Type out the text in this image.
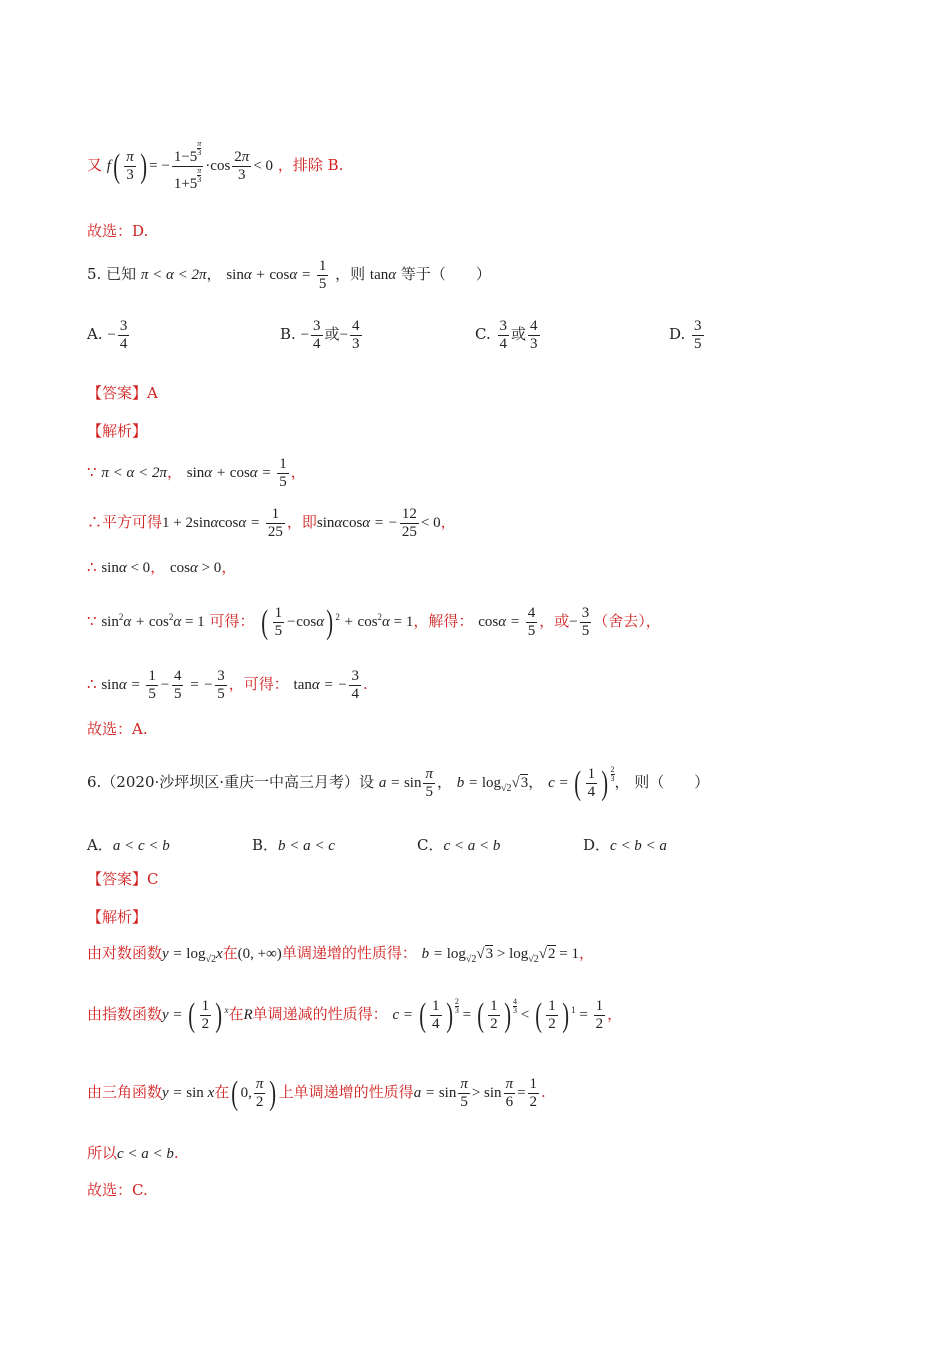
又 $f( \frac{\pi}{3}$ ) = − $\frac{1-5 \frac{\pi}{3}}{1+5 \frac{\pi}{3}} \cdot\cos \frac{2\pi}{3} < 0$ ，排除 B.
故选：D.
5. 已知 π < α < 2π， $\sin\alpha + \cos\alpha = \frac{1}{5}$ ，则 tanα 等于（　　）
A. − $\frac{3}{4}$	B. − $\frac{3}{4}$ 或− $\frac{4}{3}$	C. $\frac{3}{4}$ 或 $\frac{4}{3}$	D. $\frac{3}{5}$
【答案】A
【解析】
∵ π < α < 2π， $\sin\alpha + \cos\alpha = \frac{1}{5}$ ，
∴平方可得$1 + 2\sin\alpha\cos\alpha = \frac{1}{25}$ ，即sinαcosα = − $\frac{12}{25} < 0$，
∴ sinα < 0， cosα > 0，
∵ $\sin^2\alpha + \cos^2\alpha = 1$ 可得： ( $\frac{1}{5} -\cos\alpha$) $^2 + \cos^2\alpha = 1$，解得： $\cos\alpha = \frac{4}{5}$ ，或− $\frac{3}{5}$ （舍去），
∴ $\sin\alpha = \frac{1}{5} - \frac{4}{5}$ = − $\frac{3}{5}$ ，可得： tanα = − $\frac{3}{4}$ .
故选：A.
6.（2020·沙坪坝区·重庆一中高三月考）设 $a = \sin \frac{\pi}{5}$ ， $b = \log_{√2}√3$， c = ( $\frac{1}{4}$ ) $\frac{2}{3}$ ， 则（　　）
A．a < c < b	B．b < a < c	C．c < a < b	D．c < b < a
【答案】C
【解析】
由对数函数$y = \log_{√2}x$在(0, +∞)单调递增的性质得： $b = \log_{√2}√3 > \log_{√2}√2 = 1$，
由指数函数y = ( $\frac{1}{2}$ ) $^x$在R单调递减的性质得： c = ( $\frac{1}{4}$ ) $\frac{2}{3}$ = ( $\frac{1}{2}$ ) $\frac{4}{3}$ < ( $\frac{1}{2}$ ) $^1 = \frac{1}{2}$ ，
由三角函数y = sin x在( 0, $\frac{\pi}{2}$ ) 上单调递增的性质得$a = \sin \frac{\pi}{5} > \sin \frac{\pi}{6} = \frac{1}{2}$ .
所以c < a < b.
故选：C.
